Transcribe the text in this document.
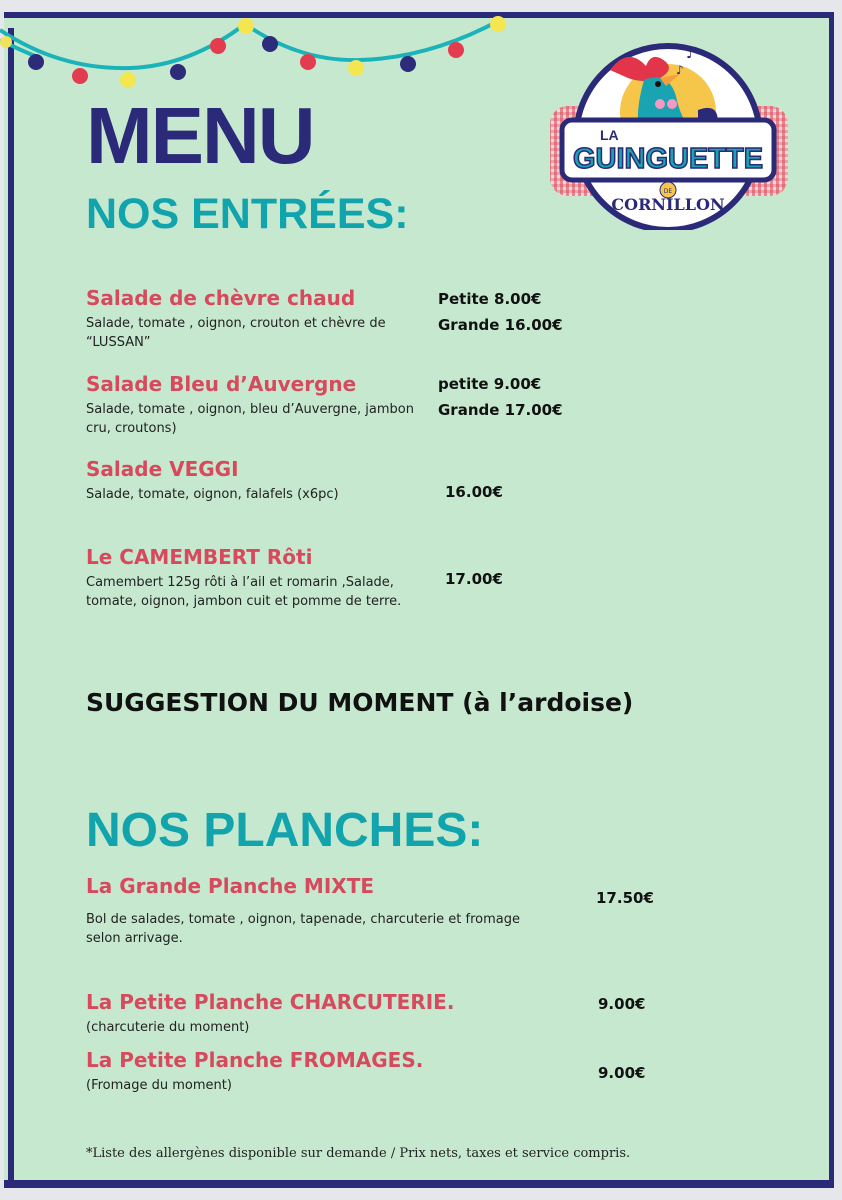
♪
♪
LA
GUINGUETTE
DE
CORNILLON
MENU
NOS ENTRÉES:
Salade de chèvre chaud
Salade, tomate , oignon, crouton et chèvre de “LUSSAN”
Petite 8.00€
Grande 16.00€
Salade Bleu d’Auvergne
Salade, tomate , oignon, bleu d’Auvergne, jambon cru, croutons)
petite 9.00€
Grande 17.00€
Salade VEGGI
Salade, tomate, oignon, falafels (x6pc)	16.00€
Le CAMEMBERT Rôti
Camembert 125g rôti à l’ail et romarin ,Salade, tomate, oignon, jambon cuit et pomme de terre.
17.00€
SUGGESTION DU MOMENT (à l’ardoise)
NOS PLANCHES:
La Grande Planche MIXTE
Bol de salades, tomate , oignon, tapenade, charcuterie et fromage selon arrivage.
17.50€
La Petite Planche CHARCUTERIE.
(charcuterie du moment)
9.00€
La Petite Planche FROMAGES.
(Fromage du moment)
9.00€
*Liste des allergènes disponible sur demande / Prix nets, taxes et service compris.
